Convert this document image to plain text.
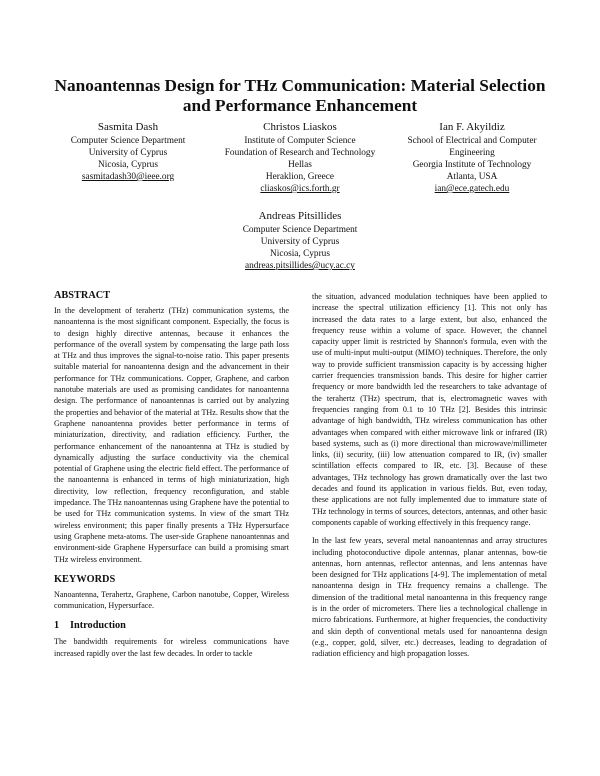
Nanoantennas Design for THz Communication: Material Selection and Performance Enhancement
Sasmita Dash
Computer Science Department
University of Cyprus
Nicosia, Cyprus
sasmitadash30@ieee.org
Christos Liaskos
Institute of Computer Science
Foundation of Research and Technology Hellas
Heraklion, Greece
cliaskos@ics.forth.gr
Ian F. Akyildiz
School of Electrical and Computer Engineering
Georgia Institute of Technology
Atlanta, USA
ian@ece.gatech.edu
Andreas Pitsillides
Computer Science Department
University of Cyprus
Nicosia, Cyprus
andreas.pitsillides@ucy.ac.cy
ABSTRACT

In the development of terahertz (THz) communication systems, the nanoantenna is the most significant component. Especially, the focus is to design highly directive antennas, because it enhances the performance of the overall system by compensating the large path loss at THz and thus improves the signal-to-noise ratio. This paper presents suitable material for nanoantenna design and the advancement in their performance for THz communications. Copper, Graphene, and carbon nanotube materials are used as promising candidates for nanoantenna design. The performance of nanoantennas is carried out by analyzing the properties and behavior of the material at THz. Results show that the Graphene nanoantenna provides better performance in terms of miniaturization, directivity, and radiation efficiency. Further, the performance enhancement of the nanoantenna at THz is studied by dynamically adjusting the surface conductivity via the chemical potential of Graphene using the electric field effect. The performance of the nanoantenna is enhanced in terms of high miniaturization, high directivity, low reflection, frequency reconfiguration, and stable impedance. The THz nanoantennas using Graphene have the potential to be used for THz communication systems. In view of the smart THz wireless environment; this paper finally presents a THz Hypersurface using Graphene meta-atoms. The user-side Graphene nanoantennas and environment-side Graphene Hypersurface can build a promising smart THz wireless environment.

KEYWORDS

Nanoantenna, Terahertz, Graphene, Carbon nanotube, Copper, Wireless communication, Hypersurface.

1 Introduction

The bandwidth requirements for wireless communications have increased rapidly over the last few decades. In order to tackle

the situation, advanced modulation techniques have been applied to increase the spectral utilization efficiency [1]. This not only has increased the data rates to a large extent, but also, enhanced the frequency reuse within a volume of space. However, the channel capacity upper limit is restricted by Shannon's formula, even with the use of multi-input multi-output (MIMO) techniques. Therefore, the only way to provide sufficient transmission capacity is by accessing higher carrier frequencies transmission bands. This desire for higher carrier frequency or more bandwidth led the researchers to take advantage of the terahertz (THz) spectrum, that is, electromagnetic waves with frequencies ranging from 0.1 to 10 THz [2]. Besides this intrinsic advantage of high bandwidth, THz wireless communication has other advantages when compared with either microwave link or infrared (IR) based systems, such as (i) more directional than microwave/millimeter links, (ii) security, (iii) low attenuation compared to IR, (iv) smaller scintillation effects compared to IR, etc. [3]. Because of these advantages, THz technology has grown dramatically over the last two decades and found its application in various fields. But, even today, these applications are not fully implemented due to immature state of THz technology in terms of sources, detectors, antennas, and other basic components capable of working effectively in this frequency range.

In the last few years, several metal nanoantennas and array structures including photoconductive dipole antennas, planar antennas, bow-tie antennas, horn antennas, reflector antennas, and lens antennas have been designed for THz applications [4-9]. The implementation of metal nanoantenna design in THz frequency remains a challenge. The dimension of the traditional metal nanoantenna in this frequency range is in the order of micrometers. There lies a technological challenge in micro fabrications. Furthermore, at higher frequencies, the conductivity and skin depth of conventional metals used for nanoantenna design (e.g., copper, gold, silver, etc.) decreases, leading to degradation of radiation efficiency and high propagation losses.
